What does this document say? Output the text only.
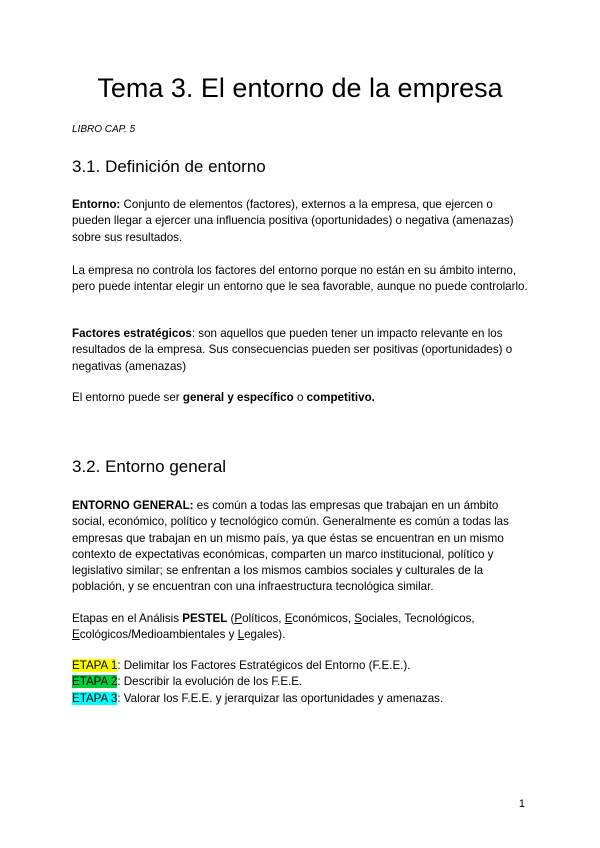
Tema 3. El entorno de la empresa
LIBRO CAP. 5
3.1. Definición de entorno

Entorno: Conjunto de elementos (factores), externos a la empresa, que ejercen o pueden llegar a ejercer una influencia positiva (oportunidades) o negativa (amenazas) sobre sus resultados.

La empresa no controla los factores del entorno porque no están en su ámbito interno, pero puede intentar elegir un entorno que le sea favorable, aunque no puede controlarlo.

Factores estratégicos: son aquellos que pueden tener un impacto relevante en los resultados de la empresa. Sus consecuencias pueden ser positivas (oportunidades) o negativas (amenazas)

El entorno puede ser general y específico o competitivo.

3.2. Entorno general

ENTORNO GENERAL: es común a todas las empresas que trabajan en un ámbito social, económico, político y tecnológico común. Generalmente es común a todas las empresas que trabajan en un mismo país, ya que éstas se encuentran en un mismo contexto de expectativas económicas, comparten un marco institucional, político y legislativo similar; se enfrentan a los mismos cambios sociales y culturales de la población, y se encuentran con una infraestructura tecnológica similar.

Etapas en el Análisis PESTEL (Políticos, Económicos, Sociales, Tecnológicos, Ecológicos/Medioambientales y Legales).

ETAPA 1: Delimitar los Factores Estratégicos del Entorno (F.E.E.).
ETAPA 2: Describir la evolución de los F.E.E.
ETAPA 3: Valorar los F.E.E. y jerarquizar las oportunidades y amenazas.

1
